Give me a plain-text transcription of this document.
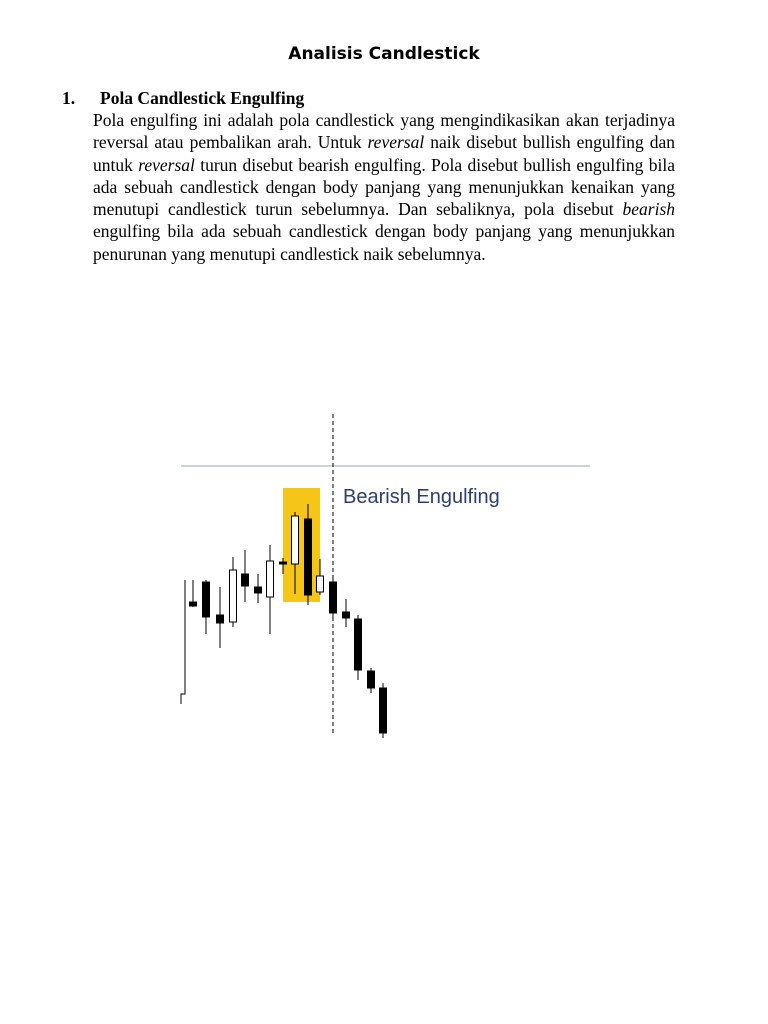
Analisis Candlestick
1. Pola Candlestick Engulfing
Pola engulfing ini adalah pola candlestick yang mengindikasikan akan terjadinya reversal atau pembalikan arah. Untuk reversal naik disebut bullish engulfing dan untuk reversal turun disebut bearish engulfing. Pola disebut bullish engulfing bila ada sebuah candlestick dengan body panjang yang menunjukkan kenaikan yang menutupi candlestick turun sebelumnya. Dan sebaliknya, pola disebut bearish engulfing bila ada sebuah candlestick dengan body panjang yang menunjukkan penurunan yang menutupi candlestick naik sebelumnya.
Bearish Engulfing
